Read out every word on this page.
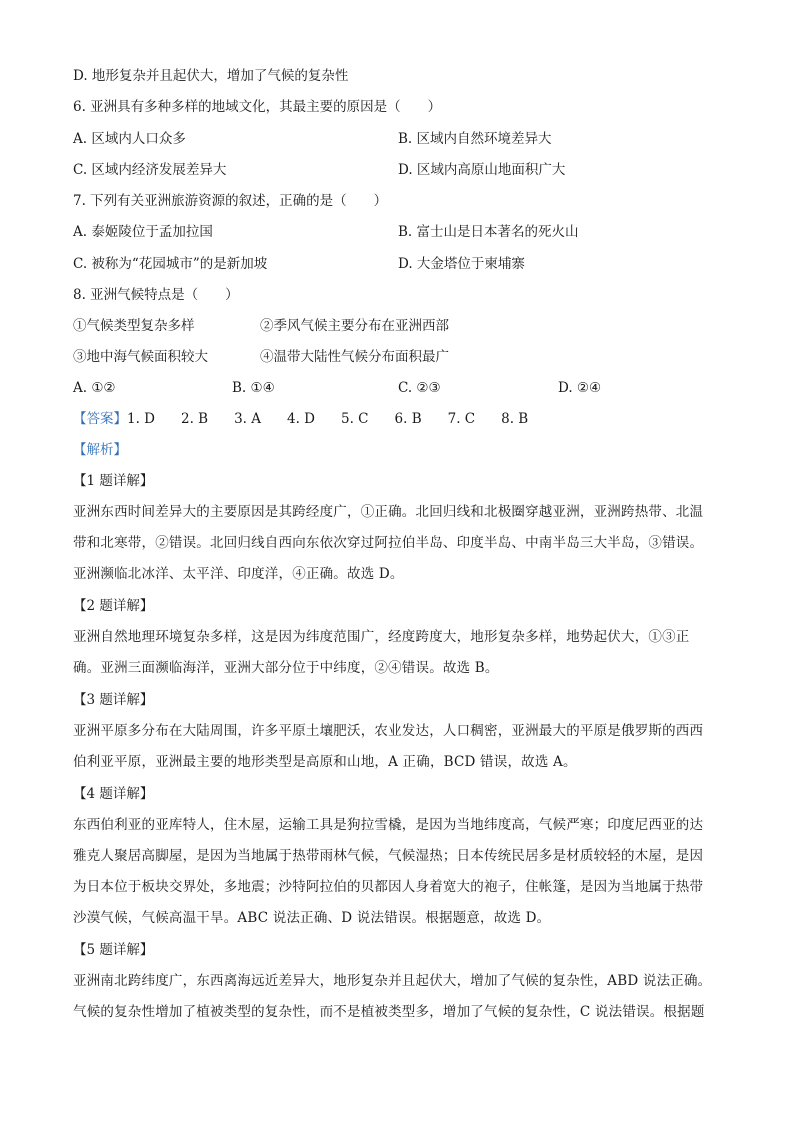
D. 地形复杂并且起伏大，增加了气候的复杂性
6. 亚洲具有多种多样的地域文化，其最主要的原因是（　　）
A. 区域内人口众多	B. 区域内自然环境差异大
C. 区域内经济发展差异大	D. 区域内高原山地面积广大
7. 下列有关亚洲旅游资源的叙述，正确的是（　　）
A. 泰姬陵位于孟加拉国	B. 富士山是日本著名的死火山
C. 被称为“花园城市”的是新加坡	D. 大金塔位于柬埔寨
8. 亚洲气候特点是（　　）
①气候类型复杂多样	②季风气候主要分布在亚洲西部
③地中海气候面积较大	④温带大陆性气候分布面积最广
A. ①②	B. ①④	C. ②③	D. ②④
【答案】1. D 2. B 3. A 4. D 5. C 6. B 7. C 8. B
【解析】
【1 题详解】
亚洲东西时间差异大的主要原因是其跨经度广，①正确。北回归线和北极圈穿越亚洲，亚洲跨热带、北温
带和北寒带，②错误。北回归线自西向东依次穿过阿拉伯半岛、印度半岛、中南半岛三大半岛，③错误。
亚洲濒临北冰洋、太平洋、印度洋，④正确。故选 D。
【2 题详解】
亚洲自然地理环境复杂多样，这是因为纬度范围广，经度跨度大，地形复杂多样，地势起伏大，①③正
确。亚洲三面濒临海洋，亚洲大部分位于中纬度，②④错误。故选 B。
【3 题详解】
亚洲平原多分布在大陆周围，许多平原土壤肥沃，农业发达，人口稠密，亚洲最大的平原是俄罗斯的西西
伯利亚平原，亚洲最主要的地形类型是高原和山地，A 正确，BCD 错误，故选 A。
【4 题详解】
东西伯利亚的亚库特人，住木屋，运输工具是狗拉雪橇，是因为当地纬度高，气候严寒；印度尼西亚的达
雅克人聚居高脚屋，是因为当地属于热带雨林气候，气候湿热；日本传统民居多是材质较轻的木屋，是因
为日本位于板块交界处，多地震；沙特阿拉伯的贝都因人身着宽大的袍子，住帐篷，是因为当地属于热带
沙漠气候，气候高温干旱。ABC 说法正确、D 说法错误。根据题意，故选 D。
【5 题详解】
亚洲南北跨纬度广，东西离海远近差异大，地形复杂并且起伏大，增加了气候的复杂性，ABD 说法正确。
气候的复杂性增加了植被类型的复杂性，而不是植被类型多，增加了气候的复杂性，C 说法错误。根据题
